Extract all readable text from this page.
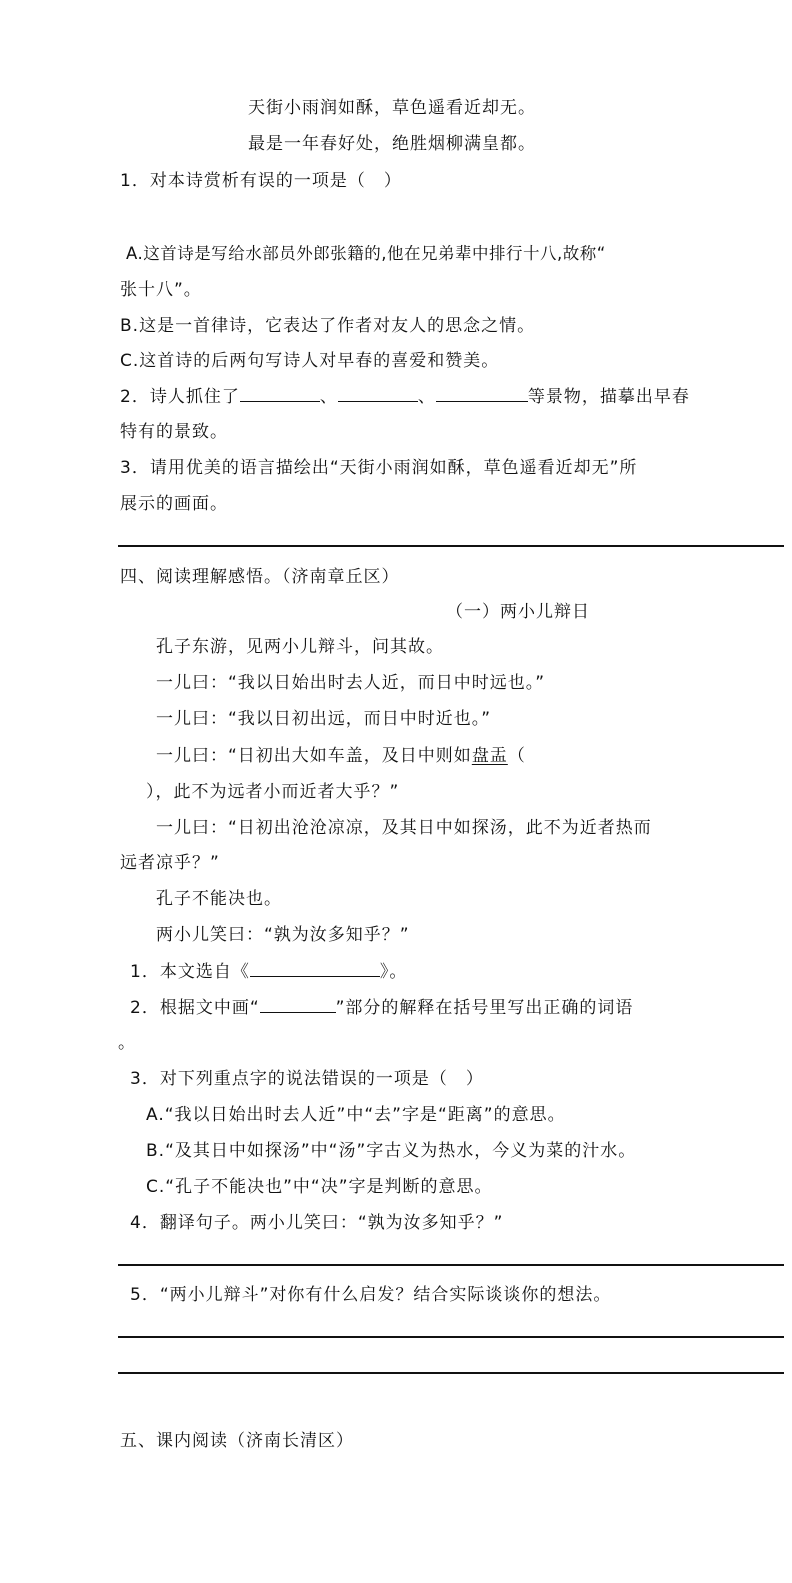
天街小雨润如酥，草色遥看近却无。
最是一年春好处，绝胜烟柳满皇都。
1．对本诗赏析有误的一项是（　）
A.这首诗是写给水部员外郎张籍的,他在兄弟辈中排行十八,故称“
张十八”。
B.这是一首律诗，它表达了作者对友人的思念之情。
C.这首诗的后两句写诗人对早春的喜爱和赞美。
2．诗人抓住了	、	、	等景物，描摹出早春
特有的景致。
3．请用优美的语言描绘出“天街小雨润如酥，草色遥看近却无”所
展示的画面。
四、阅读理解感悟。（济南章丘区）
（一）两小儿辩日
孔子东游，见两小儿辩斗，问其故。
一儿曰：“我以日始出时去人近，而日中时远也。”
一儿曰：“我以日初出远，而日中时近也。”
一儿曰：“日初出大如车盖，及日中则如盘盂（
），此不为远者小而近者大乎？”
一儿曰：“日初出沧沧凉凉，及其日中如探汤，此不为近者热而
远者凉乎？”
孔子不能决也。
两小儿笑曰：“孰为汝多知乎？”
1．本文选自《	》。
2．根据文中画“	”部分的解释在括号里写出正确的词语
。
3．对下列重点字的说法错误的一项是（　）
A.“我以日始出时去人近”中“去”字是“距离”的意思。
B.“及其日中如探汤”中“汤”字古义为热水，今义为菜的汁水。
C.“孔子不能决也”中“决”字是判断的意思。
4．翻译句子。两小儿笑曰：“孰为汝多知乎？”
5．“两小儿辩斗”对你有什么启发？结合实际谈谈你的想法。
五、课内阅读（济南长清区）
